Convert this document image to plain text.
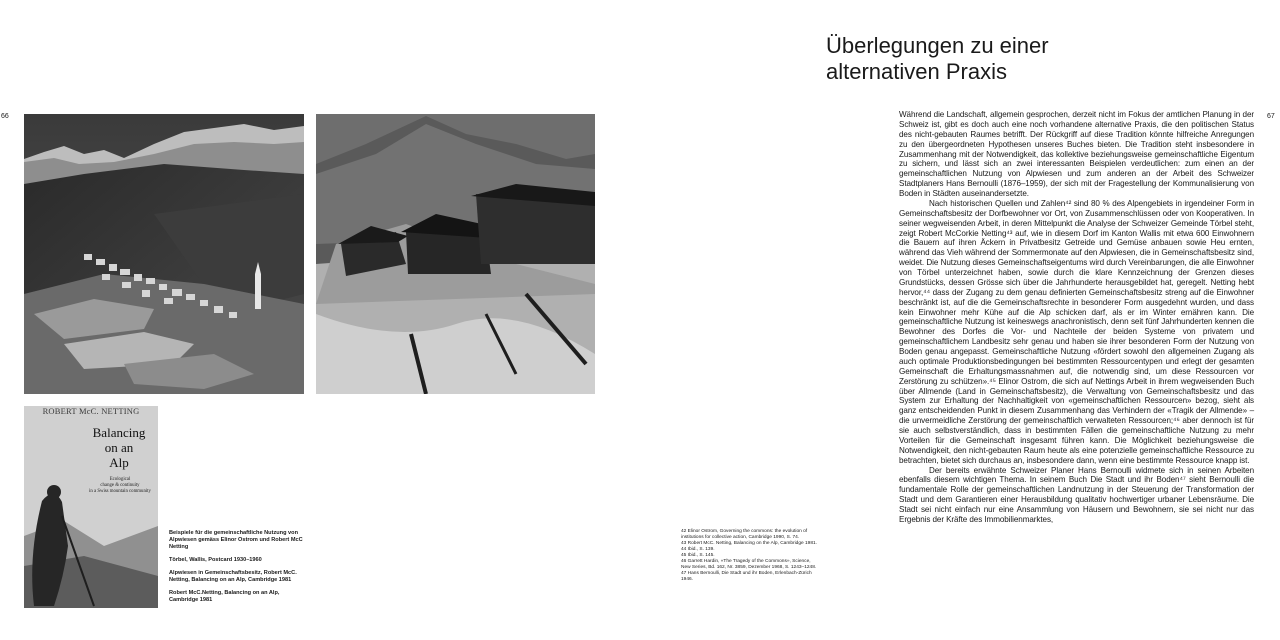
66	67
ROBERT McC. NETTING
Balancing
on an
Alp
Ecological
change & continuity
in a Swiss mountain community

Beispiele für die gemeinschaftliche Nutzung von Alpwiesen gemäss Elinor Ostrom und Robert McC Netting

Törbel, Wallis, Postcard 1930–1960

Alpwiesen in Gemeinschaftsbesitz, Robert McC. Netting, Balancing on an Alp, Cambridge 1981

Robert McC.Netting, Balancing on an Alp, Cambridge 1981

Überlegungen zu einer
alternativen Praxis

42 Elinor Ostrom, Governing the commons: the evolution of institutions for collective action, Cambridge 1990, S. 74.

43 Robert McC. Netting, Balancing on the Alp, Cambridge 1981.

44 Ibid., S. 139.

45 Ibid., S. 145.

46 Garrett Hardin, «The Tragedy of the Commons», Science, New Series, Bd. 162, Nr. 3859, Dezember 1968, S. 1243–1248.

47 Hans Bernoulli, Die Stadt und ihr Boden, Erlenbach-Zürich 1946.

Während die Landschaft, allgemein gesprochen, derzeit nicht im Fokus der amtlichen Planung in der Schweiz ist, gibt es doch auch eine noch vorhandene alternative Praxis, die den politischen Status des nicht-gebauten Raumes betrifft. Der Rückgriff auf diese Tradition könnte hilfreiche Anregungen zu den übergeordneten Hypothesen unseres Buches bieten. Die Tradition steht insbesondere in Zusammenhang mit der Notwendigkeit, das kollektive beziehungsweise gemeinschaftliche Eigentum zu sichern, und lässt sich an zwei interessanten Beispielen verdeutlichen: zum einen an der gemeinschaftlichen Nutzung von Alpwiesen und zum anderen an der Arbeit des Schweizer Stadtplaners Hans Bernoulli (1876–1959), der sich mit der Fragestellung der Kommunalisierung von Boden in Städten auseinandersetzte.

Nach historischen Quellen und Zahlen⁴² sind 80 % des Alpengebiets in irgendeiner Form in Gemeinschaftsbesitz der Dorfbewohner vor Ort, von Zusammenschlüssen oder von Kooperativen. In seiner wegweisenden Arbeit, in deren Mittelpunkt die Analyse der Schweizer Gemeinde Törbel steht, zeigt Robert McCorkie Netting⁴³ auf, wie in diesem Dorf im Kanton Wallis mit etwa 600 Einwohnern die Bauern auf ihren Äckern in Privatbesitz Getreide und Gemüse anbauen sowie Heu ernten, während das Vieh während der Sommermonate auf den Alpwiesen, die in Gemeinschaftsbesitz sind, weidet. Die Nutzung dieses Gemeinschaftseigentums wird durch Vereinbarungen, die alle Einwohner von Törbel unterzeichnet haben, sowie durch die klare Kennzeichnung der Grenzen dieses Grundstücks, dessen Grösse sich über die Jahrhunderte herausgebildet hat, geregelt. Netting hebt hervor,⁴⁴ dass der Zugang zu dem genau definierten Gemeinschaftsbesitz streng auf die Einwohner beschränkt ist, auf die die Gemeinschaftsrechte in besonderer Form ausgedehnt wurden, und dass kein Einwohner mehr Kühe auf die Alp schicken darf, als er im Winter ernähren kann. Die gemeinschaftliche Nutzung ist keineswegs anachronistisch, denn seit fünf Jahrhunderten kennen die Bewohner des Dorfes die Vor- und Nachteile der beiden Systeme von privatem und gemeinschaftlichem Landbesitz sehr genau und haben sie ihrer besonderen Form der Nutzung von Boden genau angepasst. Gemeinschaftliche Nutzung «fördert sowohl den allgemeinen Zugang als auch optimale Produktionsbedingungen bei bestimmten Ressourcentypen und erlegt der gesamten Gemeinschaft die Erhaltungsmassnahmen auf, die notwendig sind, um diese Ressourcen vor Zerstörung zu schützen».⁴⁵ Elinor Ostrom, die sich auf Nettings Arbeit in ihrem wegweisenden Buch über Allmende (Land in Gemeinschaftsbesitz), die Verwaltung von Gemeinschaftsbesitz und das System zur Erhaltung der Nachhaltigkeit von «gemeinschaftlichen Ressourcen» bezog, sieht als ganz entscheidenden Punkt in diesem Zusammenhang das Verhindern der «Tragik der Allmende» – die unvermeidliche Zerstörung der gemeinschaftlich verwalteten Ressourcen;⁴⁶ aber dennoch ist für sie auch selbstverständlich, dass in bestimmten Fällen die gemeinschaftliche Nutzung zu mehr Vorteilen für die Gemeinschaft insgesamt führen kann. Die Möglichkeit beziehungsweise die Notwendigkeit, den nicht-gebauten Raum heute als eine potenzielle gemeinschaftliche Ressource zu betrachten, bietet sich durchaus an, insbesondere dann, wenn eine bestimmte Ressource knapp ist.

Der bereits erwähnte Schweizer Planer Hans Bernoulli widmete sich in seinen Arbeiten ebenfalls diesem wichtigen Thema. In seinem Buch Die Stadt und ihr Boden⁴⁷ sieht Bernoulli die fundamentale Rolle der gemeinschaftlichen Landnutzung in der Steuerung der Transformation der Stadt und dem Garantieren einer Herausbildung qualitativ hochwertiger urbaner Lebensräume. Die Stadt sei nicht einfach nur eine Ansammlung von Häusern und Bewohnern, sie sei nicht nur das Ergebnis der Kräfte des Immobilienmarktes,
